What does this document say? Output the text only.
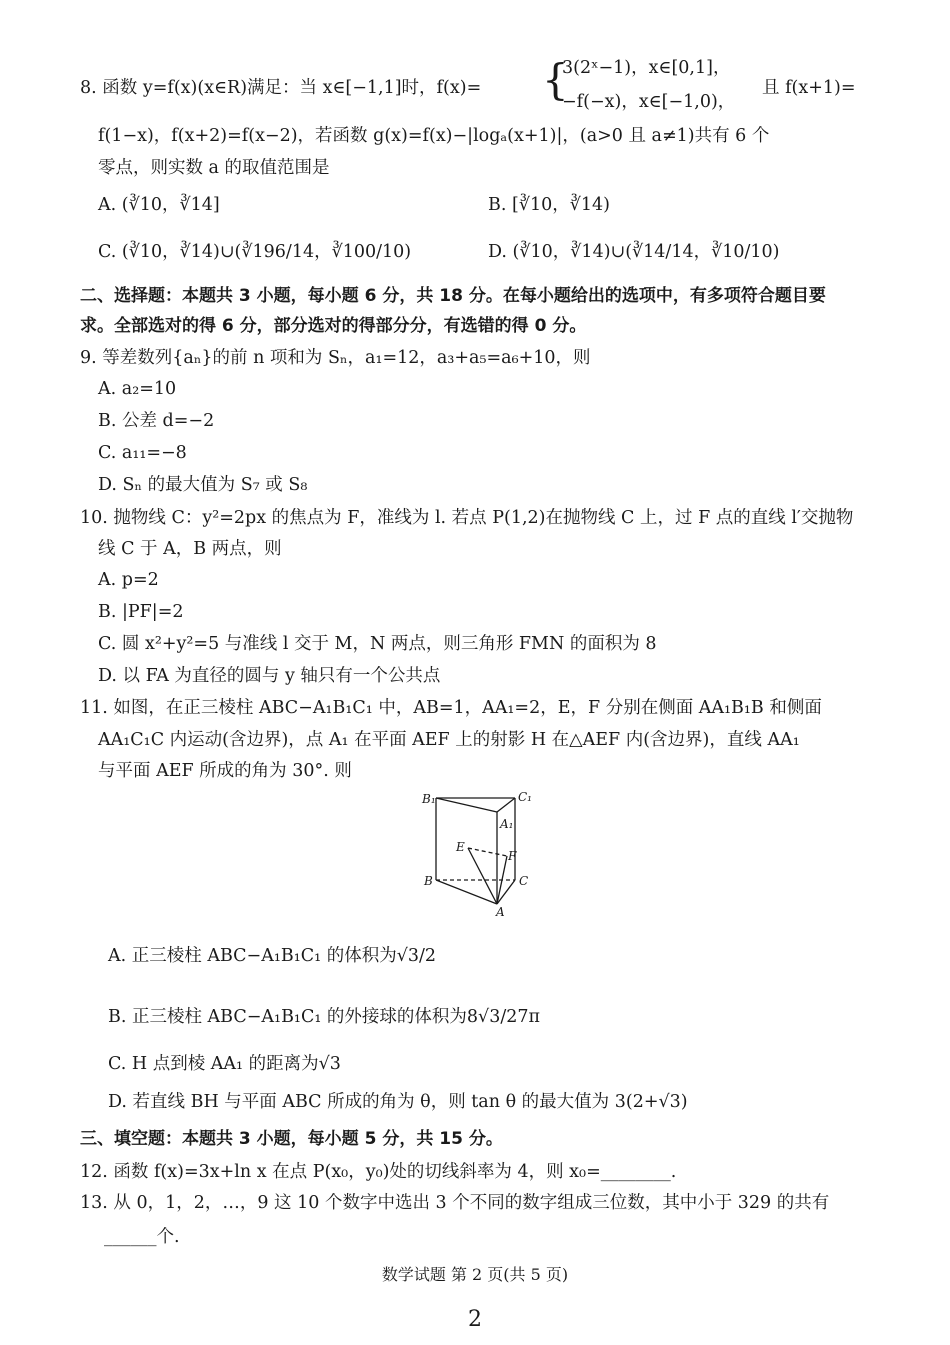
8. 函数 y=f(x)(x∈R)满足：当 x∈[−1,1]时，f(x)= {
3(2ˣ−1)，x∈[0,1]，
−f(−x)，x∈[−1,0)，
且 f(x+1)=
f(1−x)，f(x+2)=f(x−2)，若函数 g(x)=f(x)−|logₐ(x+1)|，(a>0 且 a≠1)共有 6 个
零点，则实数 a 的取值范围是
A. (∛10，∛14]	B. [∛10，∛14)
C. (∛10，∛14)∪(∛196/14，∛100/10)	D. (∛10，∛14)∪(∛14/14，∛10/10)
二、选择题：本题共 3 小题，每小题 6 分，共 18 分。在每小题给出的选项中，有多项符合题目要
求。全部选对的得 6 分，部分选对的得部分分，有选错的得 0 分。
9. 等差数列{aₙ}的前 n 项和为 Sₙ，a₁=12，a₃+a₅=a₆+10，则
A. a₂=10
B. 公差 d=−2
C. a₁₁=−8
D. Sₙ 的最大值为 S₇ 或 S₈
10. 抛物线 C：y²=2px 的焦点为 F，准线为 l. 若点 P(1,2)在抛物线 C 上，过 F 点的直线 l′交抛物
线 C 于 A，B 两点，则
A. p=2
B. |PF|=2
C. 圆 x²+y²=5 与准线 l 交于 M，N 两点，则三角形 FMN 的面积为 8
D. 以 FA 为直径的圆与 y 轴只有一个公共点
11. 如图，在正三棱柱 ABC−A₁B₁C₁ 中，AB=1，AA₁=2，E，F 分别在侧面 AA₁B₁B 和侧面
AA₁C₁C 内运动(含边界)，点 A₁ 在平面 AEF 上的射影 H 在△AEF 内(含边界)，直线 AA₁
与平面 AEF 所成的角为 30°. 则
B₁	C₁
A₁
E
F
B	C
A
A. 正三棱柱 ABC−A₁B₁C₁ 的体积为√3/2
B. 正三棱柱 ABC−A₁B₁C₁ 的外接球的体积为8√3/27π
C. H 点到棱 AA₁ 的距离为√3
D. 若直线 BH 与平面 ABC 所成的角为 θ，则 tan θ 的最大值为 3(2+√3)
三、填空题：本题共 3 小题，每小题 5 分，共 15 分。
12. 函数 f(x)=3x+ln x 在点 P(x₀，y₀)处的切线斜率为 4，则 x₀=________.
13. 从 0，1，2，…，9 这 10 个数字中选出 3 个不同的数字组成三位数，其中小于 329 的共有
______个.
数学试题 第 2 页(共 5 页)
2
